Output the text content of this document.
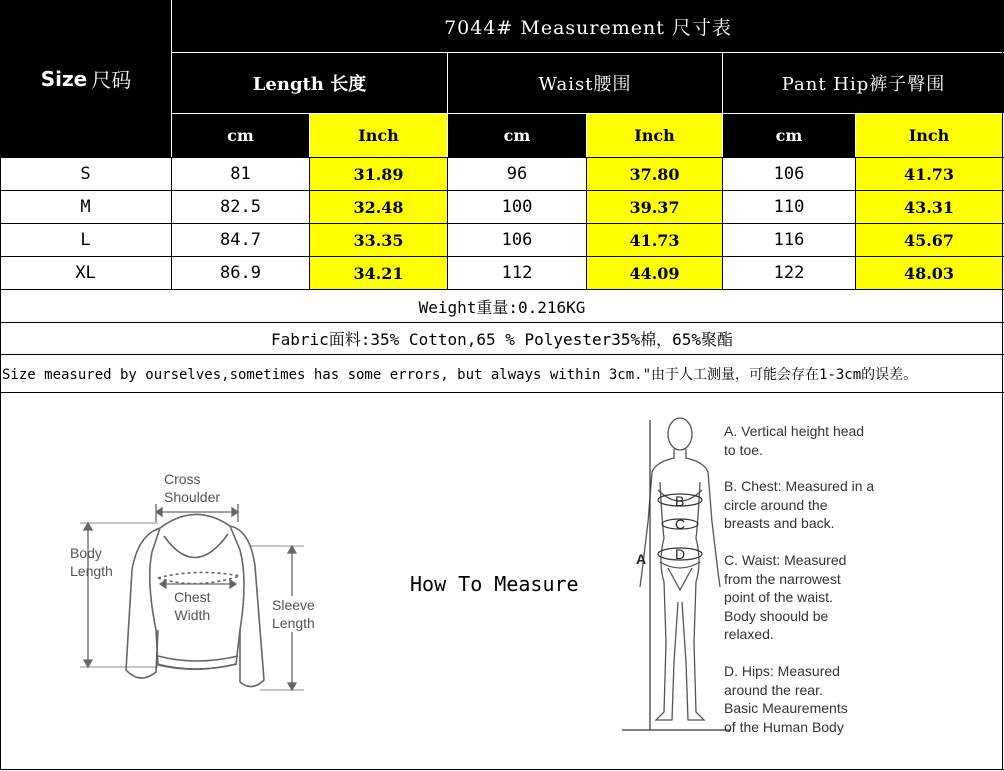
Size 尺码
7044# Measurement 尺寸表
Length 长度	Waist腰围	Pant Hip裤子臀围
cm	Inch	cm	Inch	cm	Inch
S	81	31.89	96	37.80	106	41.73
M	82.5	32.48	100	39.37	110	43.31
L	84.7	33.35	106	41.73	116	45.67
XL	86.9	34.21	112	44.09	122	48.03
Weight重量:0.216KG
Fabric面料:35% Cotton,65 % Polyester35%棉，65%聚酯
Size measured by ourselves,sometimes has some errors, but always within 3cm."由于人工测量，可能会存在1-3cm的误差。
Cross
Shoulder
Body
Length
Chest
Width
Sleeve
Length
How To Measure
A
B
C
D
A. Vertical height head
to toe.
B. Chest: Measured in a
circle around the
breasts and back.
C. Waist: Measured
from the narrowest
point of the waist.
Body shoould be
relaxed.
D. Hips: Measured
around the rear.
Basic Meaurements
of the Human Body
